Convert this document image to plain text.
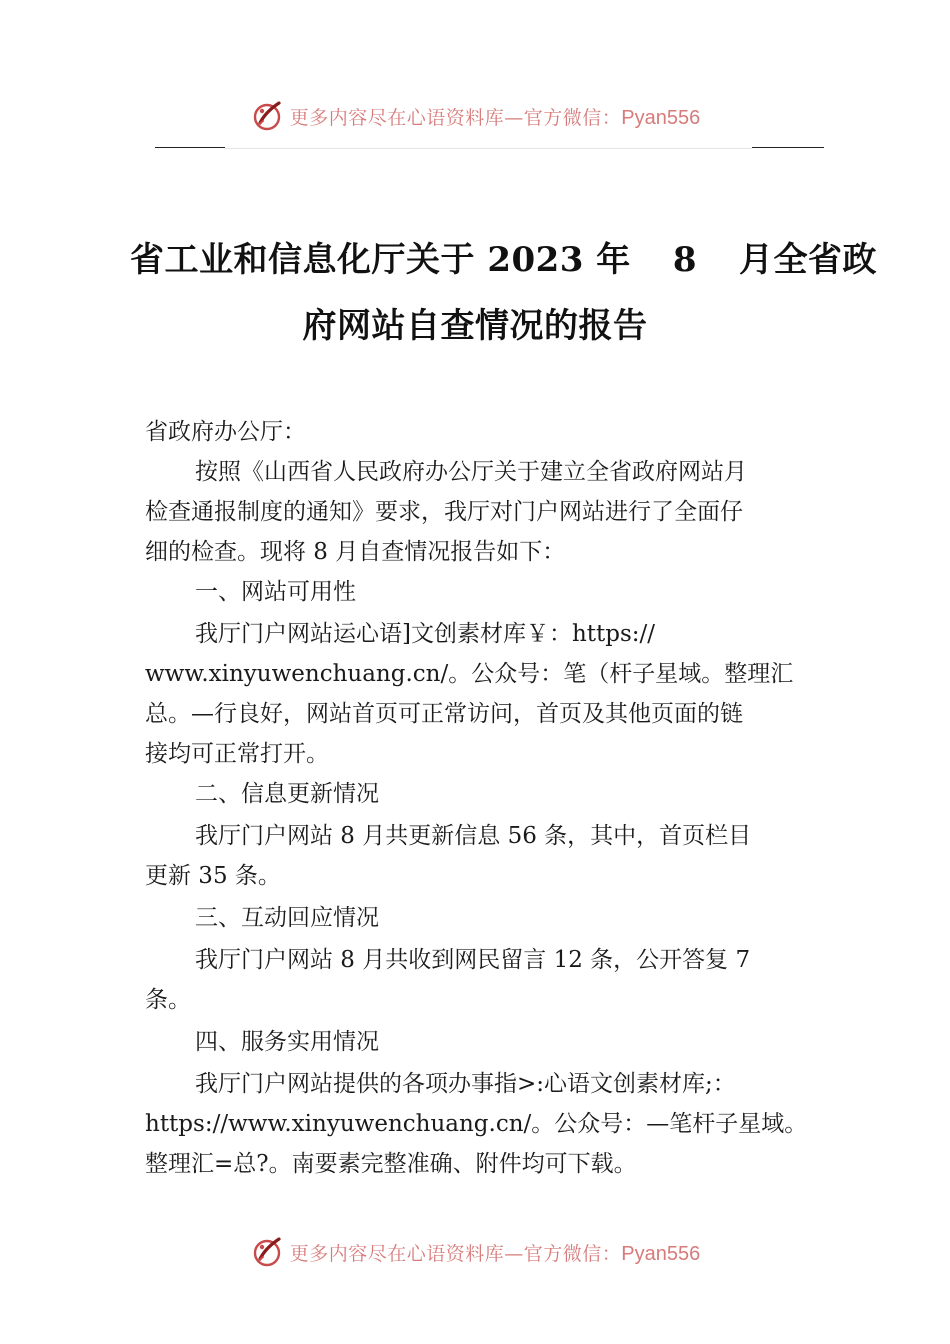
更多内容尽在心语资料库—官方微信：Pyan556
省工业和信息化厅关于 2023 年 8 月全省政
府网站自查情况的报告

省政府办公厅：

按照《山西省人民政府办公厅关于建立全省政府网站月

检查通报制度的通知》要求，我厅对门户网站进行了全面仔

细的检查。现将 8 月自查情况报告如下：

一、网站可用性

我厅门户网站运心语]文创素材库￥：https://

www.xinyuwenchuang.cn/。公众号：笔（杆子星域。整理汇

总。—行良好，网站首页可正常访问，首页及其他页面的链

接均可正常打开。

二、信息更新情况

我厅门户网站 8 月共更新信息 56 条，其中，首页栏目

更新 35 条。

三、互动回应情况

我厅门户网站 8 月共收到网民留言 12 条，公开答复 7

条。

四、服务实用情况

我厅门户网站提供的各项办事指>:心语文创素材库;：

https://www.xinyuwenchuang.cn/。公众号：—笔杆子星域。

整理汇=总?。南要素完整准确、附件均可下载。

更多内容尽在心语资料库—官方微信：Pyan556
